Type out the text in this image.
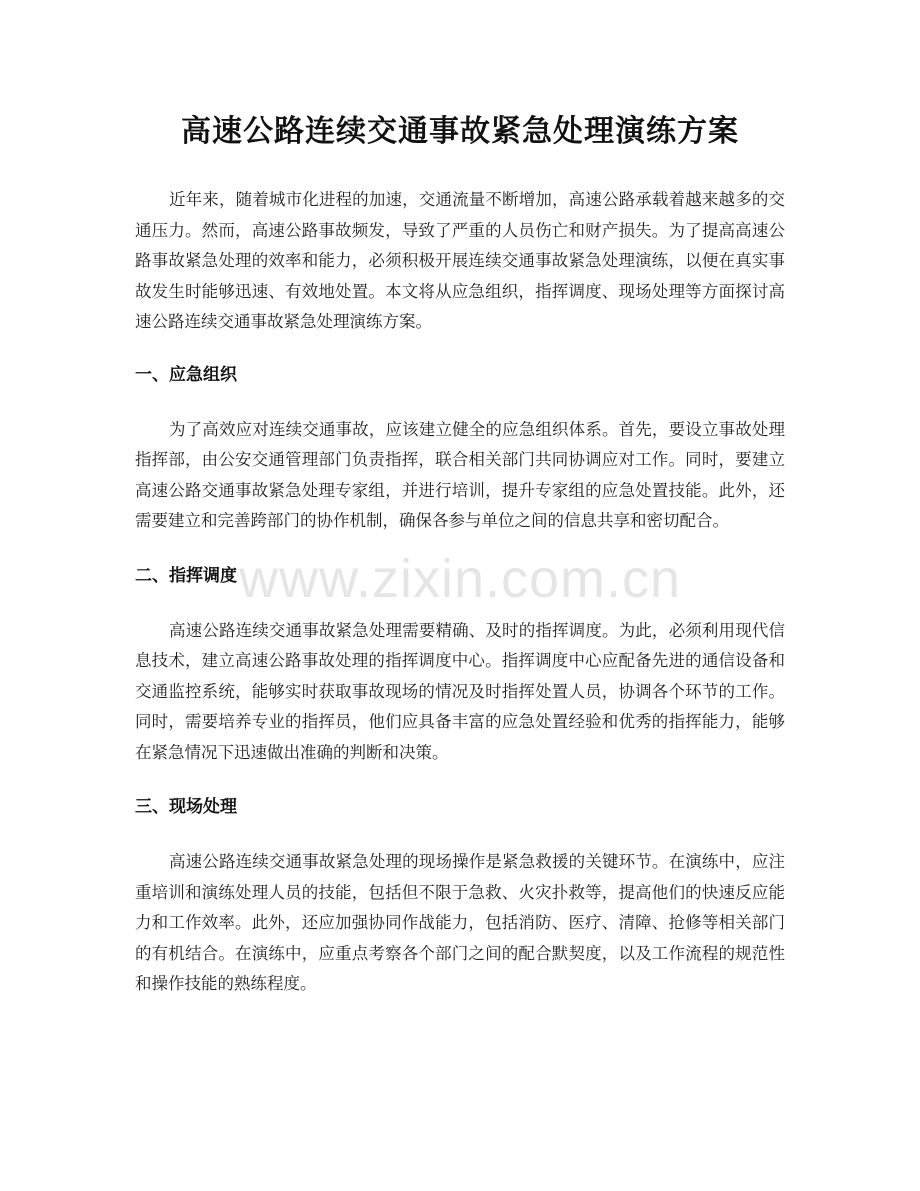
高速公路连续交通事故紧急处理演练方案

近年来，随着城市化进程的加速，交通流量不断增加，高速公路承载着越来越多的交通压力。然而，高速公路事故频发，导致了严重的人员伤亡和财产损失。为了提高高速公路事故紧急处理的效率和能力，必须积极开展连续交通事故紧急处理演练，以便在真实事故发生时能够迅速、有效地处置。本文将从应急组织，指挥调度、现场处理等方面探讨高速公路连续交通事故紧急处理演练方案。

一、应急组织

为了高效应对连续交通事故，应该建立健全的应急组织体系。首先，要设立事故处理指挥部，由公安交通管理部门负责指挥，联合相关部门共同协调应对工作。同时，要建立高速公路交通事故紧急处理专家组，并进行培训，提升专家组的应急处置技能。此外，还需要建立和完善跨部门的协作机制，确保各参与单位之间的信息共享和密切配合。

二、指挥调度

高速公路连续交通事故紧急处理需要精确、及时的指挥调度。为此，必须利用现代信息技术，建立高速公路事故处理的指挥调度中心。指挥调度中心应配备先进的通信设备和交通监控系统，能够实时获取事故现场的情况及时指挥处置人员，协调各个环节的工作。同时，需要培养专业的指挥员，他们应具备丰富的应急处置经验和优秀的指挥能力，能够在紧急情况下迅速做出准确的判断和决策。

三、现场处理

高速公路连续交通事故紧急处理的现场操作是紧急救援的关键环节。在演练中，应注重培训和演练处理人员的技能，包括但不限于急救、火灾扑救等，提高他们的快速反应能力和工作效率。此外，还应加强协同作战能力，包括消防、医疗、清障、抢修等相关部门的有机结合。在演练中，应重点考察各个部门之间的配合默契度，以及工作流程的规范性和操作技能的熟练程度。

www.zixin.com.cn
